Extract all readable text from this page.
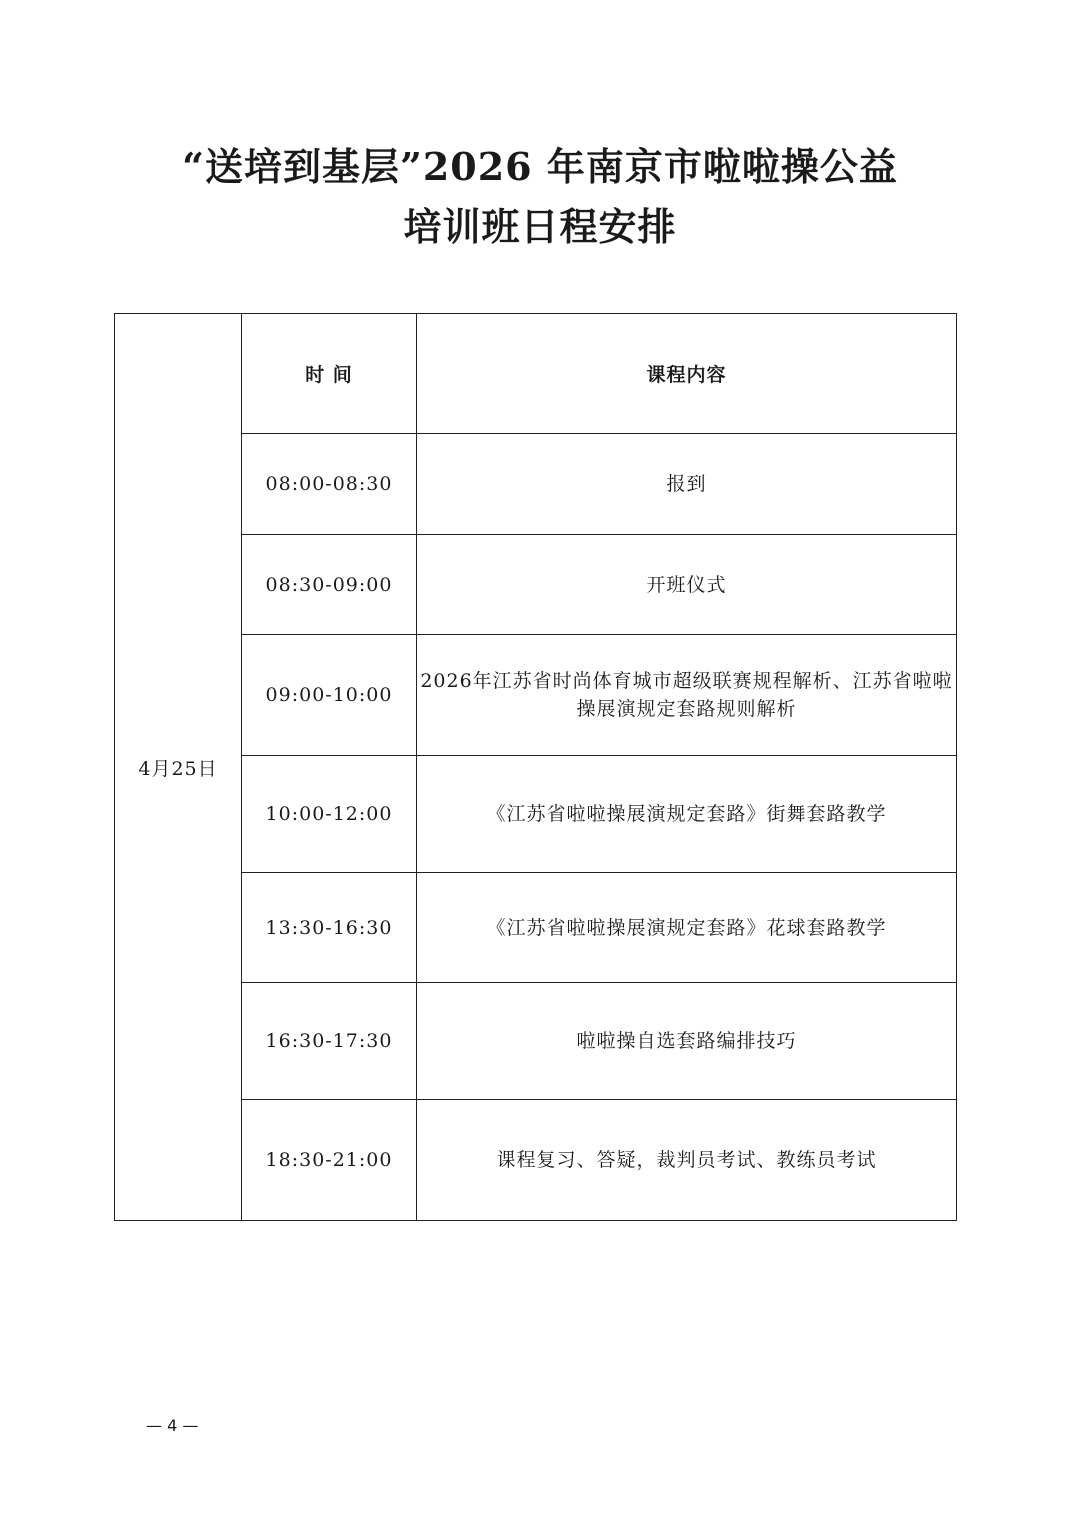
“送培到基层”2026 年南京市啦啦操公益
培训班日程安排
4月25日	时 间	课程内容
	08:00-08:30	报到
	08:30-09:00	开班仪式
	09:00-10:00	2026年江苏省时尚体育城市超级联赛规程解析、江苏省啦啦操展演规定套路规则解析
	10:00-12:00	《江苏省啦啦操展演规定套路》街舞套路教学
	13:30-16:30	《江苏省啦啦操展演规定套路》花球套路教学
	16:30-17:30	啦啦操自选套路编排技巧
	18:30-21:00	课程复习、答疑，裁判员考试、教练员考试
— 4 —
